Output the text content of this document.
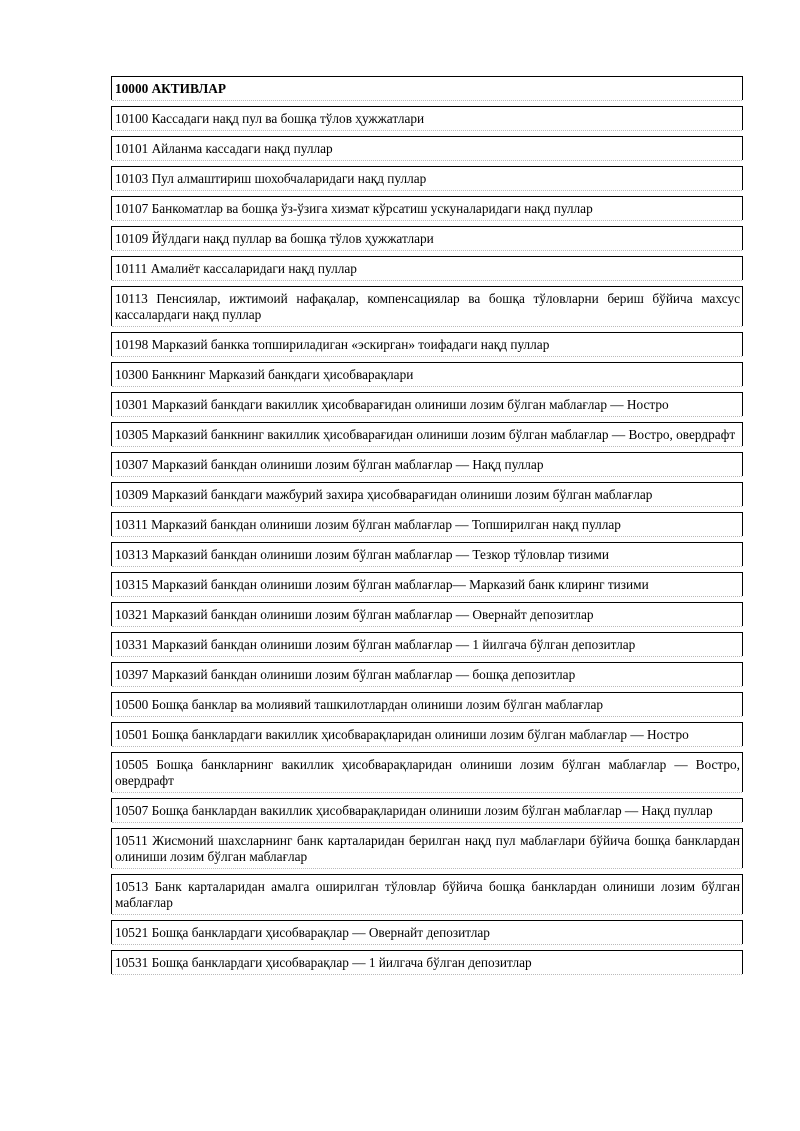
10000 АКТИВЛАР
10100 Кассадаги нақд пул ва бошқа тўлов ҳужжатлари
10101 Айланма кассадаги нақд пуллар
10103 Пул алмаштириш шохобчаларидаги нақд пуллар
10107 Банкоматлар ва бошқа ўз-ўзига хизмат кўрсатиш ускуналаридаги нақд пуллар
10109 Йўлдаги нақд пуллар ва бошқа тўлов ҳужжатлари
10111 Амалиёт кассаларидаги нақд пуллар
10113 Пенсиялар, ижтимоий нафақалар, компенсациялар ва бошқа тўловларни бериш бўйича махсус кассалардаги нақд пуллар
10198 Марказий банкка топшириладиган «эскирган» тоифадаги нақд пуллар
10300 Банкнинг Марказий банкдаги ҳисобварақлари
10301 Марказий банкдаги вакиллик ҳисобварағидан олиниши лозим бўлган маблағлар — Ностро
10305 Марказий банкнинг вакиллик ҳисобварағидан олиниши лозим бўлган маблағлар — Востро, овердрафт
10307 Марказий банкдан олиниши лозим бўлган маблағлар — Нақд пуллар
10309 Марказий банкдаги мажбурий захира ҳисобварағидан олиниши лозим бўлган маблағлар
10311 Марказий банкдан олиниши лозим бўлган маблағлар — Топширилган нақд пуллар
10313 Марказий банкдан олиниши лозим бўлган маблағлар — Тезкор тўловлар тизими
10315 Марказий банкдан олиниши лозим бўлган маблағлар— Марказий банк клиринг тизими
10321 Марказий банкдан олиниши лозим бўлган маблағлар — Овернайт депозитлар
10331 Марказий банкдан олиниши лозим бўлган маблағлар — 1 йилгача бўлган депозитлар
10397 Марказий банкдан олиниши лозим бўлган маблағлар — бошқа депозитлар
10500 Бошқа банклар ва молиявий ташкилотлардан олиниши лозим бўлган маблағлар
10501 Бошқа банклардаги вакиллик ҳисобварақларидан олиниши лозим бўлган маблағлар — Ностро
10505 Бошқа банкларнинг вакиллик ҳисобварақларидан олиниши лозим бўлган маблағлар — Востро, овердрафт
10507 Бошқа банклардан вакиллик ҳисобварақларидан олиниши лозим бўлган маблағлар — Нақд пуллар
10511 Жисмоний шахсларнинг банк карталаридан берилган нақд пул маблағлари бўйича бошқа банклардан олиниши лозим бўлган маблағлар
10513 Банк карталаридан амалга оширилган тўловлар бўйича бошқа банклардан олиниши лозим бўлган маблағлар
10521 Бошқа банклардаги ҳисобварақлар — Овернайт депозитлар
10531 Бошқа банклардаги ҳисобварақлар — 1 йилгача бўлган депозитлар
